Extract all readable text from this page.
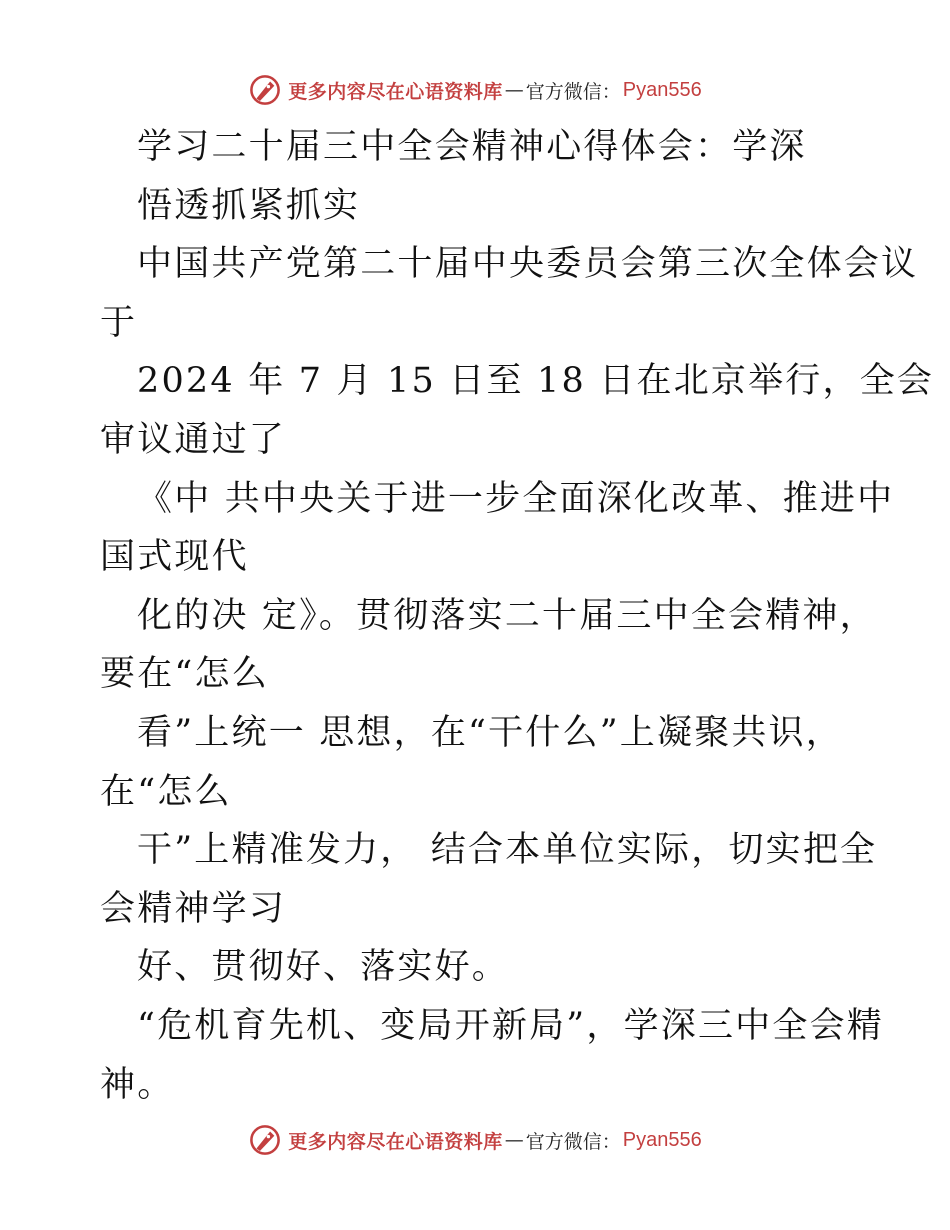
更多内容尽在心语资料库 — 官方微信： Pyan556

学习二十届三中全会精神心得体会：学深

悟透抓紧抓实

中国共产党第二十届中央委员会第三次全体会议
于

2024 年 7 月 15 日至 18 日在北京举行，全会
审议通过了

《中 共中央关于进一步全面深化改革、推进中
国式现代

化的决 定》。贯彻落实二十届三中全会精神，
要在“怎么

看”上统一 思想，在“干什么”上凝聚共识，
在“怎么

干”上精准发力， 结合本单位实际，切实把全
会精神学习

好、贯彻好、落实好。

“危机育先机、变局开新局”，学深三中全会精
神。

更多内容尽在心语资料库 — 官方微信： Pyan556
